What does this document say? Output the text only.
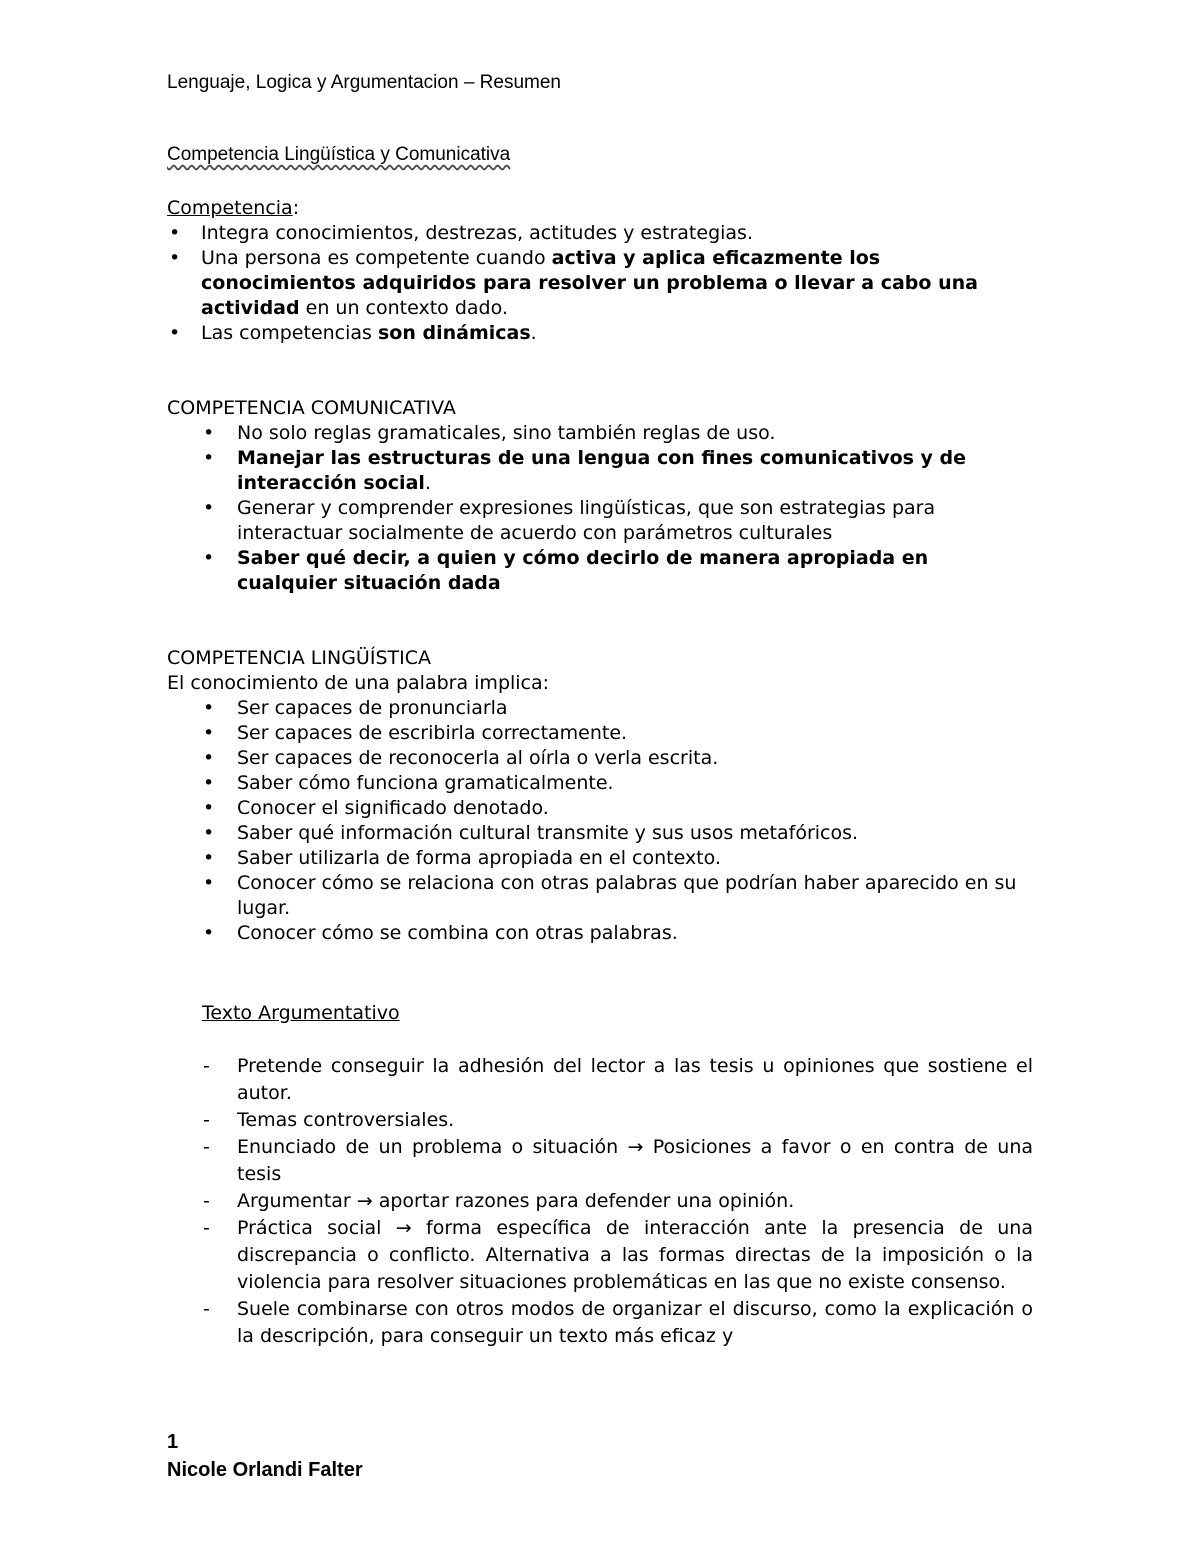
Lenguaje, Logica y Argumentacion – Resumen
Competencia Lingüística y Comunicativa
Competencia:
• Integra conocimientos, destrezas, actitudes y estrategias.
• Una persona es competente cuando activa y aplica eficazmente los conocimientos adquiridos para resolver un problema o llevar a cabo una actividad en un contexto dado.
• Las competencias son dinámicas.
COMPETENCIA COMUNICATIVA
• No solo reglas gramaticales, sino también reglas de uso.
• Manejar las estructuras de una lengua con fines comunicativos y de interacción social.
• Generar y comprender expresiones lingüísticas, que son estrategias para interactuar socialmente de acuerdo con parámetros culturales
• Saber qué decir, a quien y cómo decirlo de manera apropiada en cualquier situación dada
COMPETENCIA LINGÜÍSTICA
El conocimiento de una palabra implica:
• Ser capaces de pronunciarla
• Ser capaces de escribirla correctamente.
• Ser capaces de reconocerla al oírla o verla escrita.
• Saber cómo funciona gramaticalmente.
• Conocer el significado denotado.
• Saber qué información cultural transmite y sus usos metafóricos.
• Saber utilizarla de forma apropiada en el contexto.
• Conocer cómo se relaciona con otras palabras que podrían haber aparecido en su lugar.
• Conocer cómo se combina con otras palabras.
Texto Argumentativo
- Pretende conseguir la adhesión del lector a las tesis u opiniones que sostiene el autor.
- Temas controversiales.
- Enunciado de un problema o situación → Posiciones a favor o en contra de una tesis
- Argumentar → aportar razones para defender una opinión.
- Práctica social → forma específica de interacción ante la presencia de una discrepancia o conflicto. Alternativa a las formas directas de la imposición o la violencia para resolver situaciones problemáticas en las que no existe consenso.
- Suele combinarse con otros modos de organizar el discurso, como la explicación o la descripción, para conseguir un texto más eficaz y
1
Nicole Orlandi Falter
